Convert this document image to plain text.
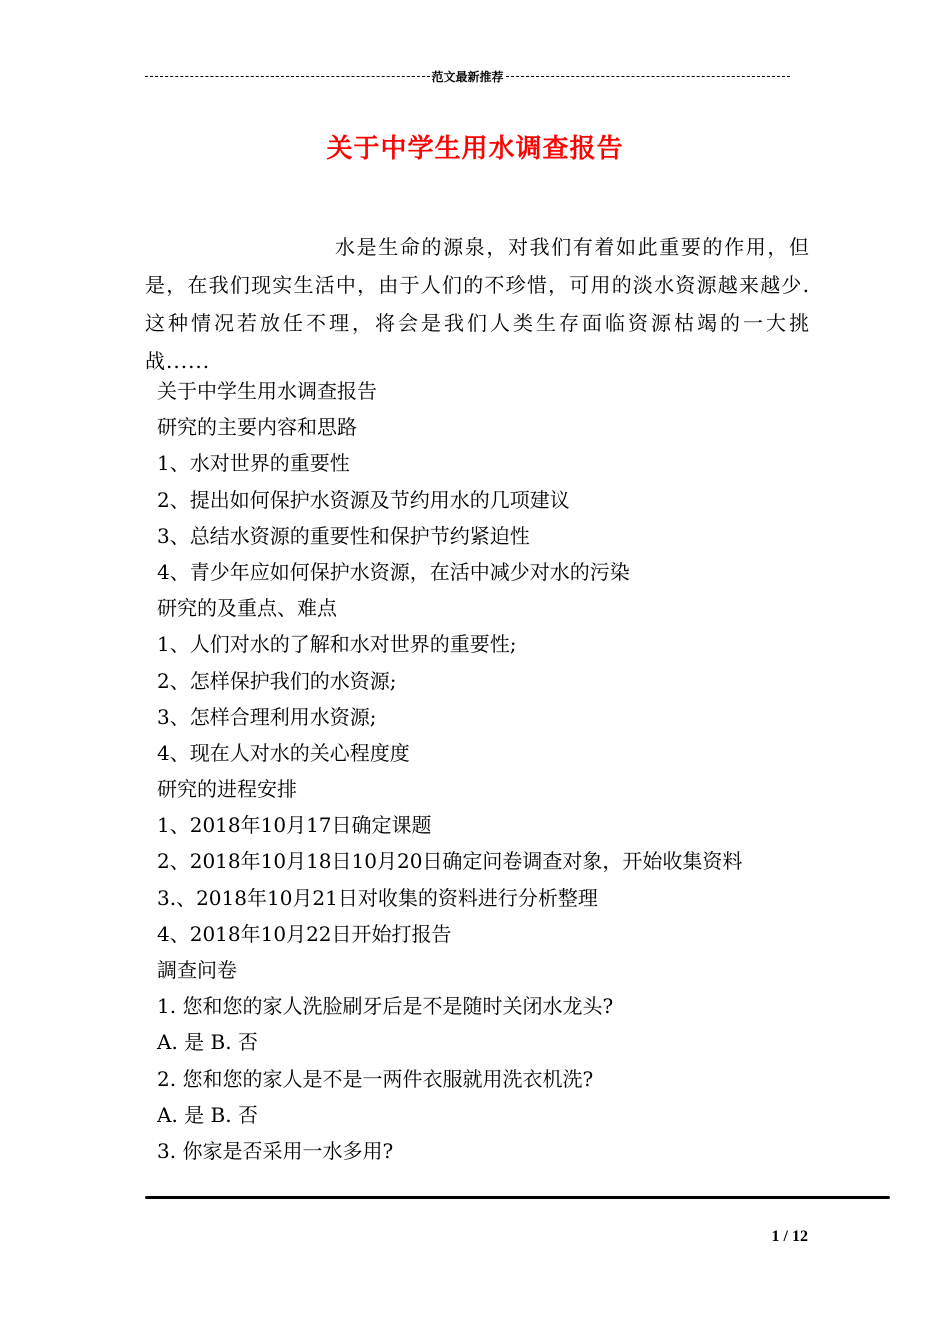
范文最新推荐
关于中学生用水调查报告

水是生命的源泉，对我们有着如此重要的作用，但是，在我们现实生活中，由于人们的不珍惜，可用的淡水资源越来越少.这种情况若放任不理，将会是我们人类生存面临资源枯竭的一大挑战......

关于中学生用水调查报告
研究的主要内容和思路
1、水对世界的重要性
2、提出如何保护水资源及节约用水的几项建议
3、总结水资源的重要性和保护节约紧迫性
4、青少年应如何保护水资源，在活中减少对水的污染
研究的及重点、难点
1、人们对水的了解和水对世界的重要性;
2、怎样保护我们的水资源;
3、怎样合理利用水资源;
4、现在人对水的关心程度度
研究的进程安排
1、2018年10月17日确定课题
2、2018年10月18日10月20日确定问卷调查对象，开始收集资料
3.、2018年10月21日对收集的资料进行分析整理
4、2018年10月22日开始打报告
調查问卷
1. 您和您的家人洗脸刷牙后是不是随时关闭水龙头?
A. 是 B. 否
2. 您和您的家人是不是一两件衣服就用洗衣机洗?
A. 是 B. 否
3. 你家是否采用一水多用?
1 / 12
